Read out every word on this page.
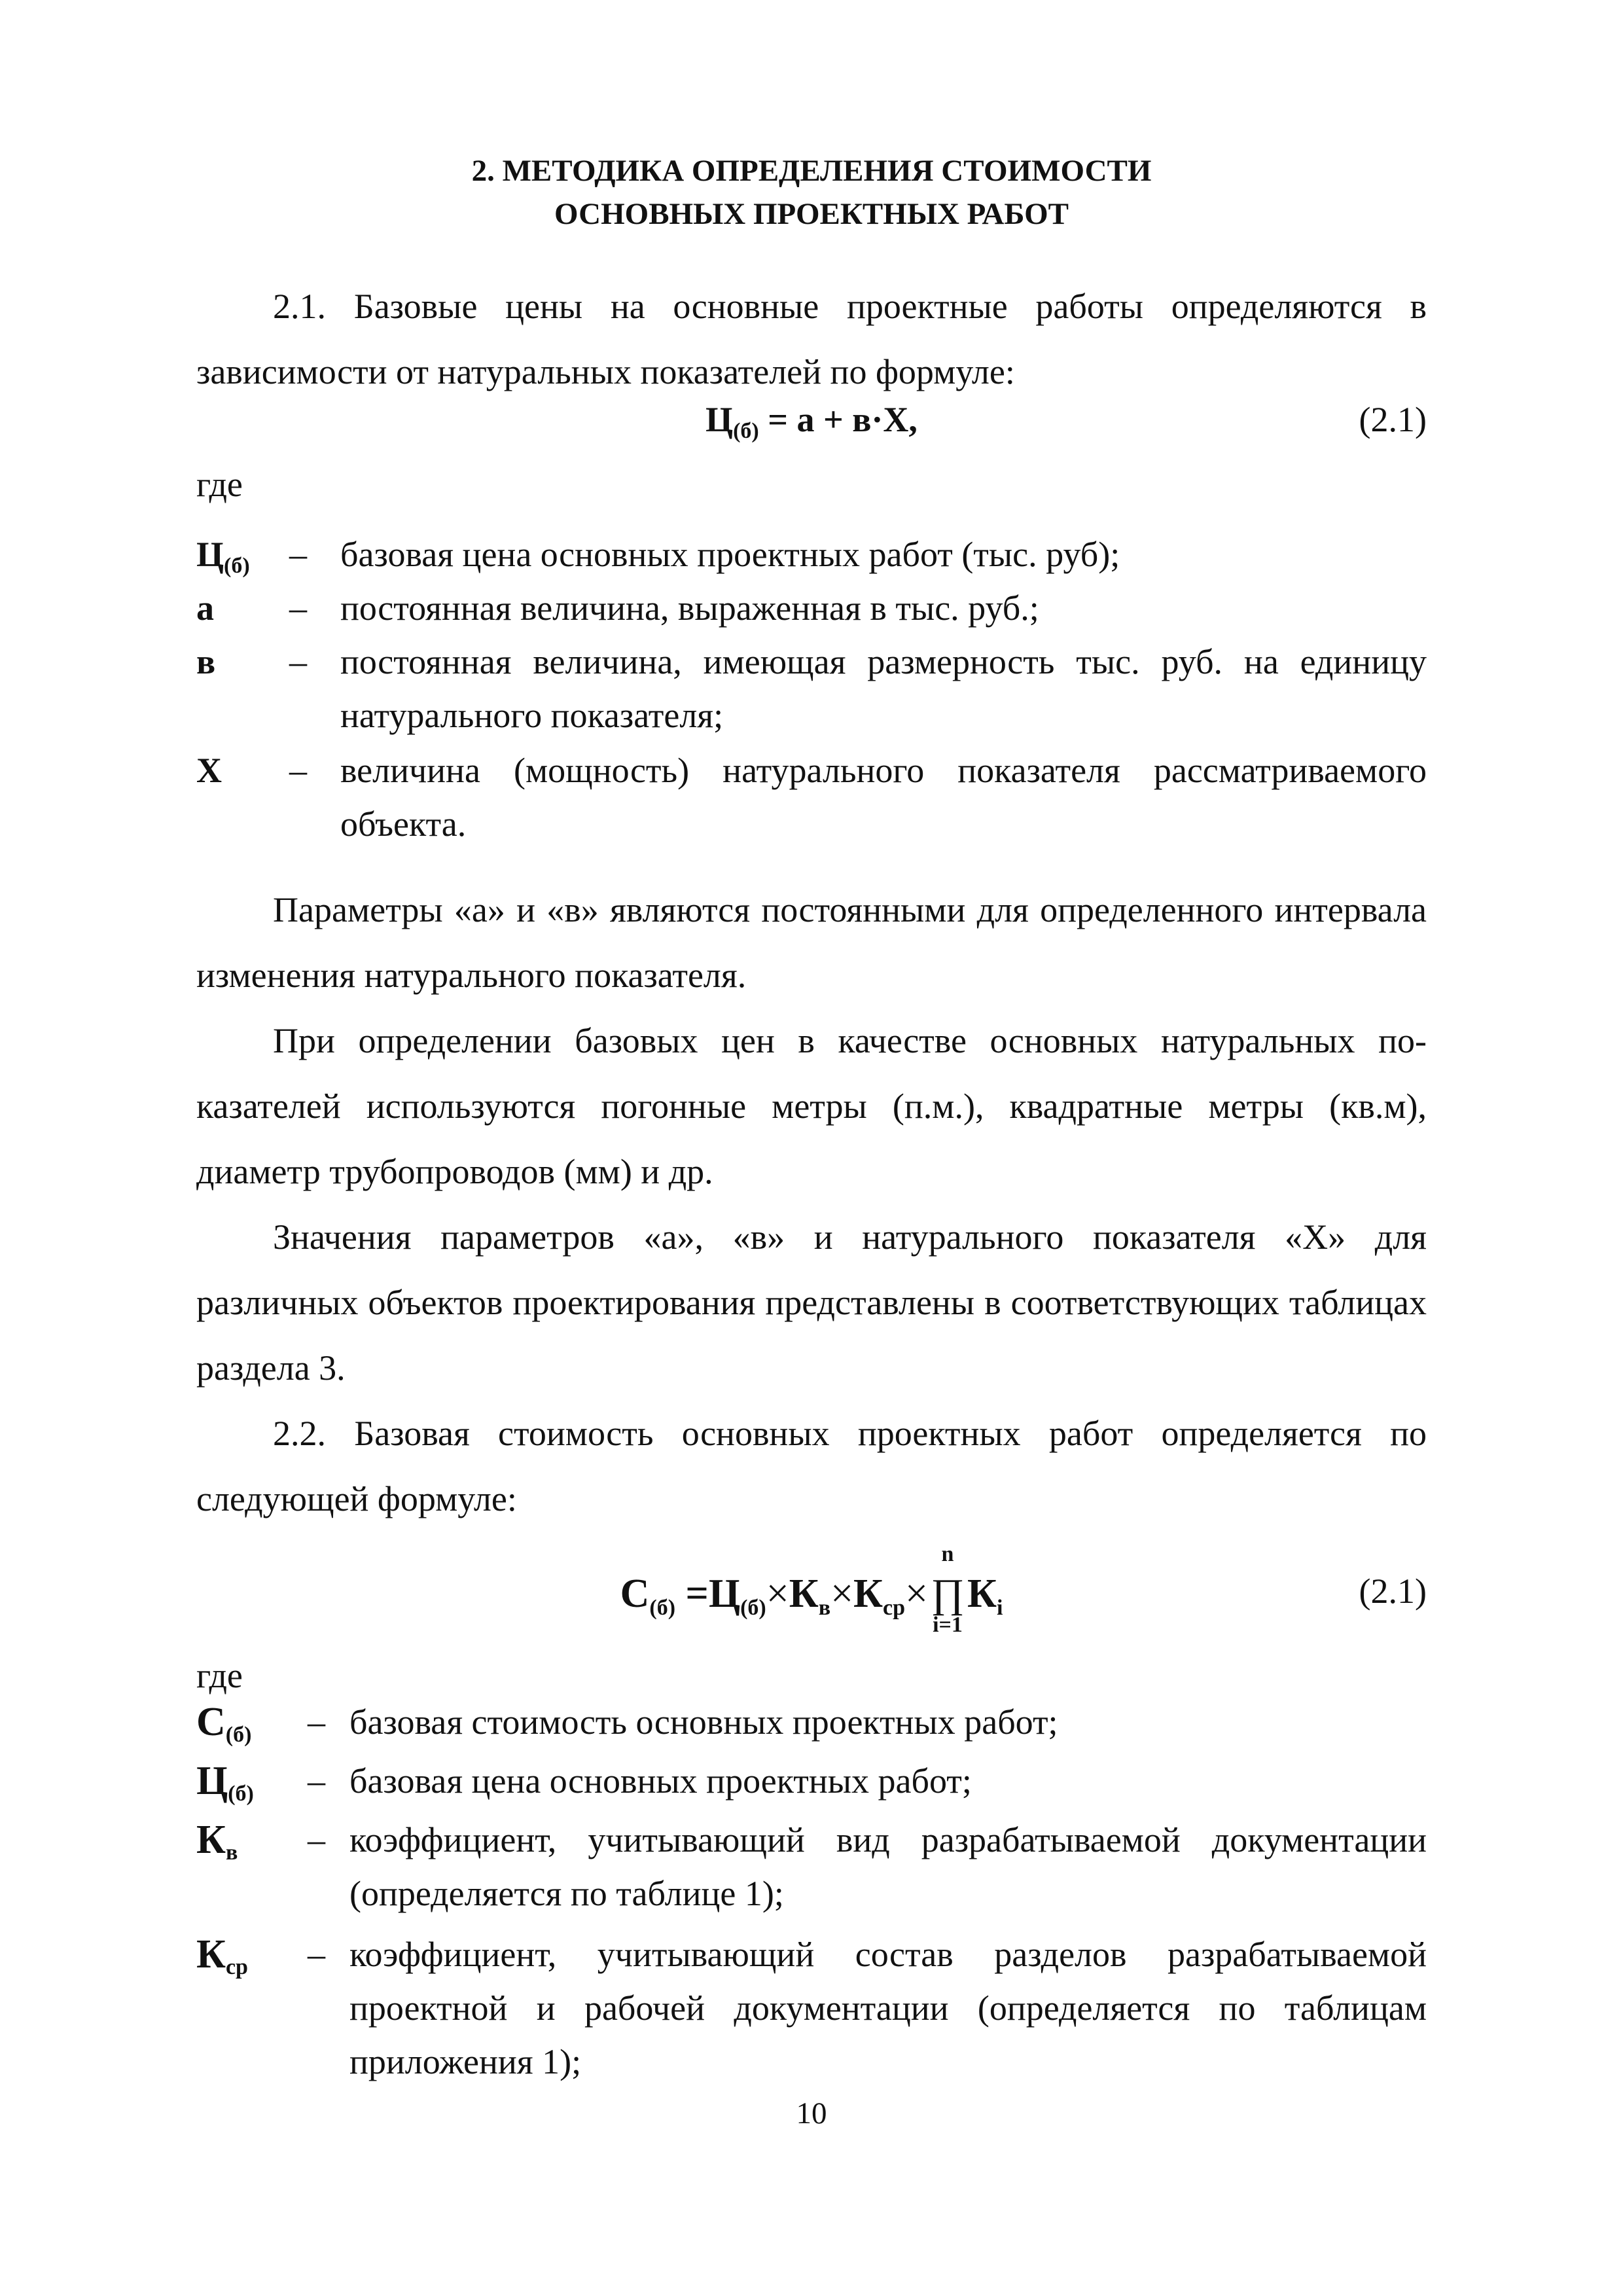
2. МЕТОДИКА ОПРЕДЕЛЕНИЯ СТОИМОСТИ
ОСНОВНЫХ ПРОЕКТНЫХ РАБОТ
2.1. Базовые цены на основные проектные работы определяются в зависимости от натуральных показателей по формуле:
$Ц_{(б)} = а + в\cdot Х$,	(2.1)
где
$Ц_{(б)}$ – базовая цена основных проектных работ (тыс. руб);
а – постоянная величина, выраженная в тыс. руб.;
в – постоянная величина, имеющая размерность тыс. руб. на единицу натурального показателя;
Х – величина (мощность) натурального показателя рассматриваемого объекта.
Параметры «а» и «в» являются постоянными для определенного интервала изменения натурального показателя.
При определении базовых цен в качестве основных натуральных показателей используются погонные метры (п.м.), квадратные метры (кв.м), диаметр трубопроводов (мм) и др.
Значения параметров «а», «в» и натурального показателя «Х» для различных объектов проектирования представлены в соответствующих таблицах раздела 3.
2.2. Базовая стоимость основных проектных работ определяется по следующей формуле:
$С_{(б)} =Ц_{(б)}\times К_в\times К_{ср}\times$
n
∏
i=1
$К_i$	(2.1)
где
$С_{(б)}$ – базовая стоимость основных проектных работ;
$Ц_{(б)}$ – базовая цена основных проектных работ;
$К_в$ – коэффициент, учитывающий вид разрабатываемой документации (определяется по таблице 1);
$К_{ср}$ – коэффициент, учитывающий состав разделов разрабатываемой проектной и рабочей документации (определяется по таблицам приложения 1);
10
